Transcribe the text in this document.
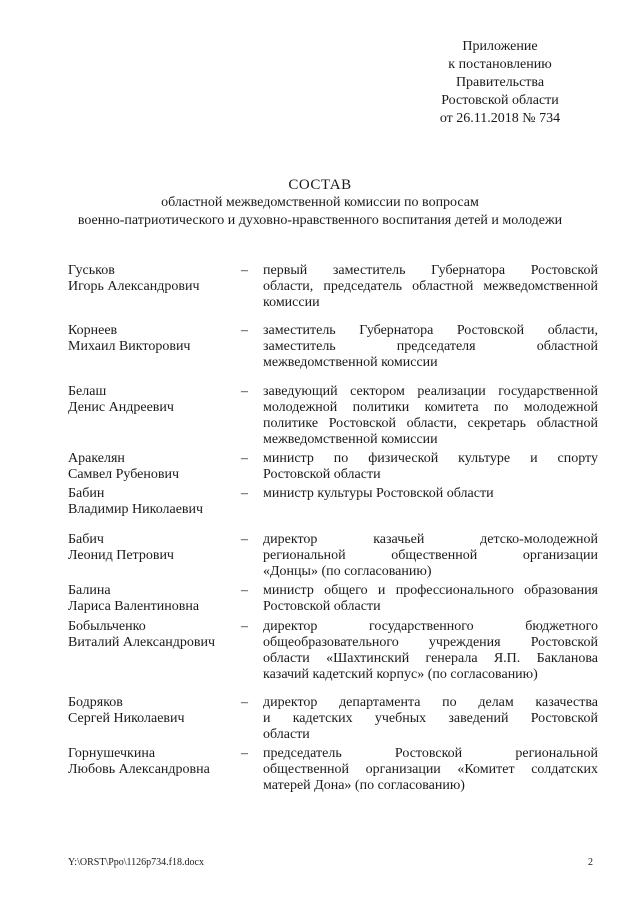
Приложение
к постановлению
Правительства
Ростовской области
от 26.11.2018 № 734
СОСТАВ
областной межведомственной комиссии по вопросам
военно-патриотического и духовно-нравственного воспитания детей и молодежи
Гуськов
Игорь Александрович
–	первый заместитель Губернатора Ростовской
области, председатель областной межведомственной
комиссии
Корнеев
Михаил Викторович
–	заместитель Губернатора Ростовской области,
заместитель председателя областной
межведомственной комиссии
Белаш
Денис Андреевич
–	заведующий сектором реализации государственной
молодежной политики комитета по молодежной
политике Ростовской области, секретарь областной
межведомственной комиссии
Аракелян
Самвел Рубенович
–	министр по физической культуре и спорту
Ростовской области
Бабин
Владимир Николаевич
–	министр культуры Ростовской области
Бабич
Леонид Петрович
–	директор казачьей детско-молодежной
региональной общественной организации
«Донцы» (по согласованию)
Балина
Лариса Валентиновна
–	министр общего и профессионального образования
Ростовской области
Бобыльченко
Виталий Александрович
–	директор государственного бюджетного
общеобразовательного учреждения Ростовской
области «Шахтинский генерала Я.П. Бакланова
казачий кадетский корпус» (по согласованию)
Бодряков
Сергей Николаевич
–	директор департамента по делам казачества
и кадетских учебных заведений Ростовской
области
Горнушечкина
Любовь Александровна
–	председатель Ростовской региональной
общественной организации «Комитет солдатских
матерей Дона» (по согласованию)
Y:\ORST\Ppo\1126p734.f18.docx	2
